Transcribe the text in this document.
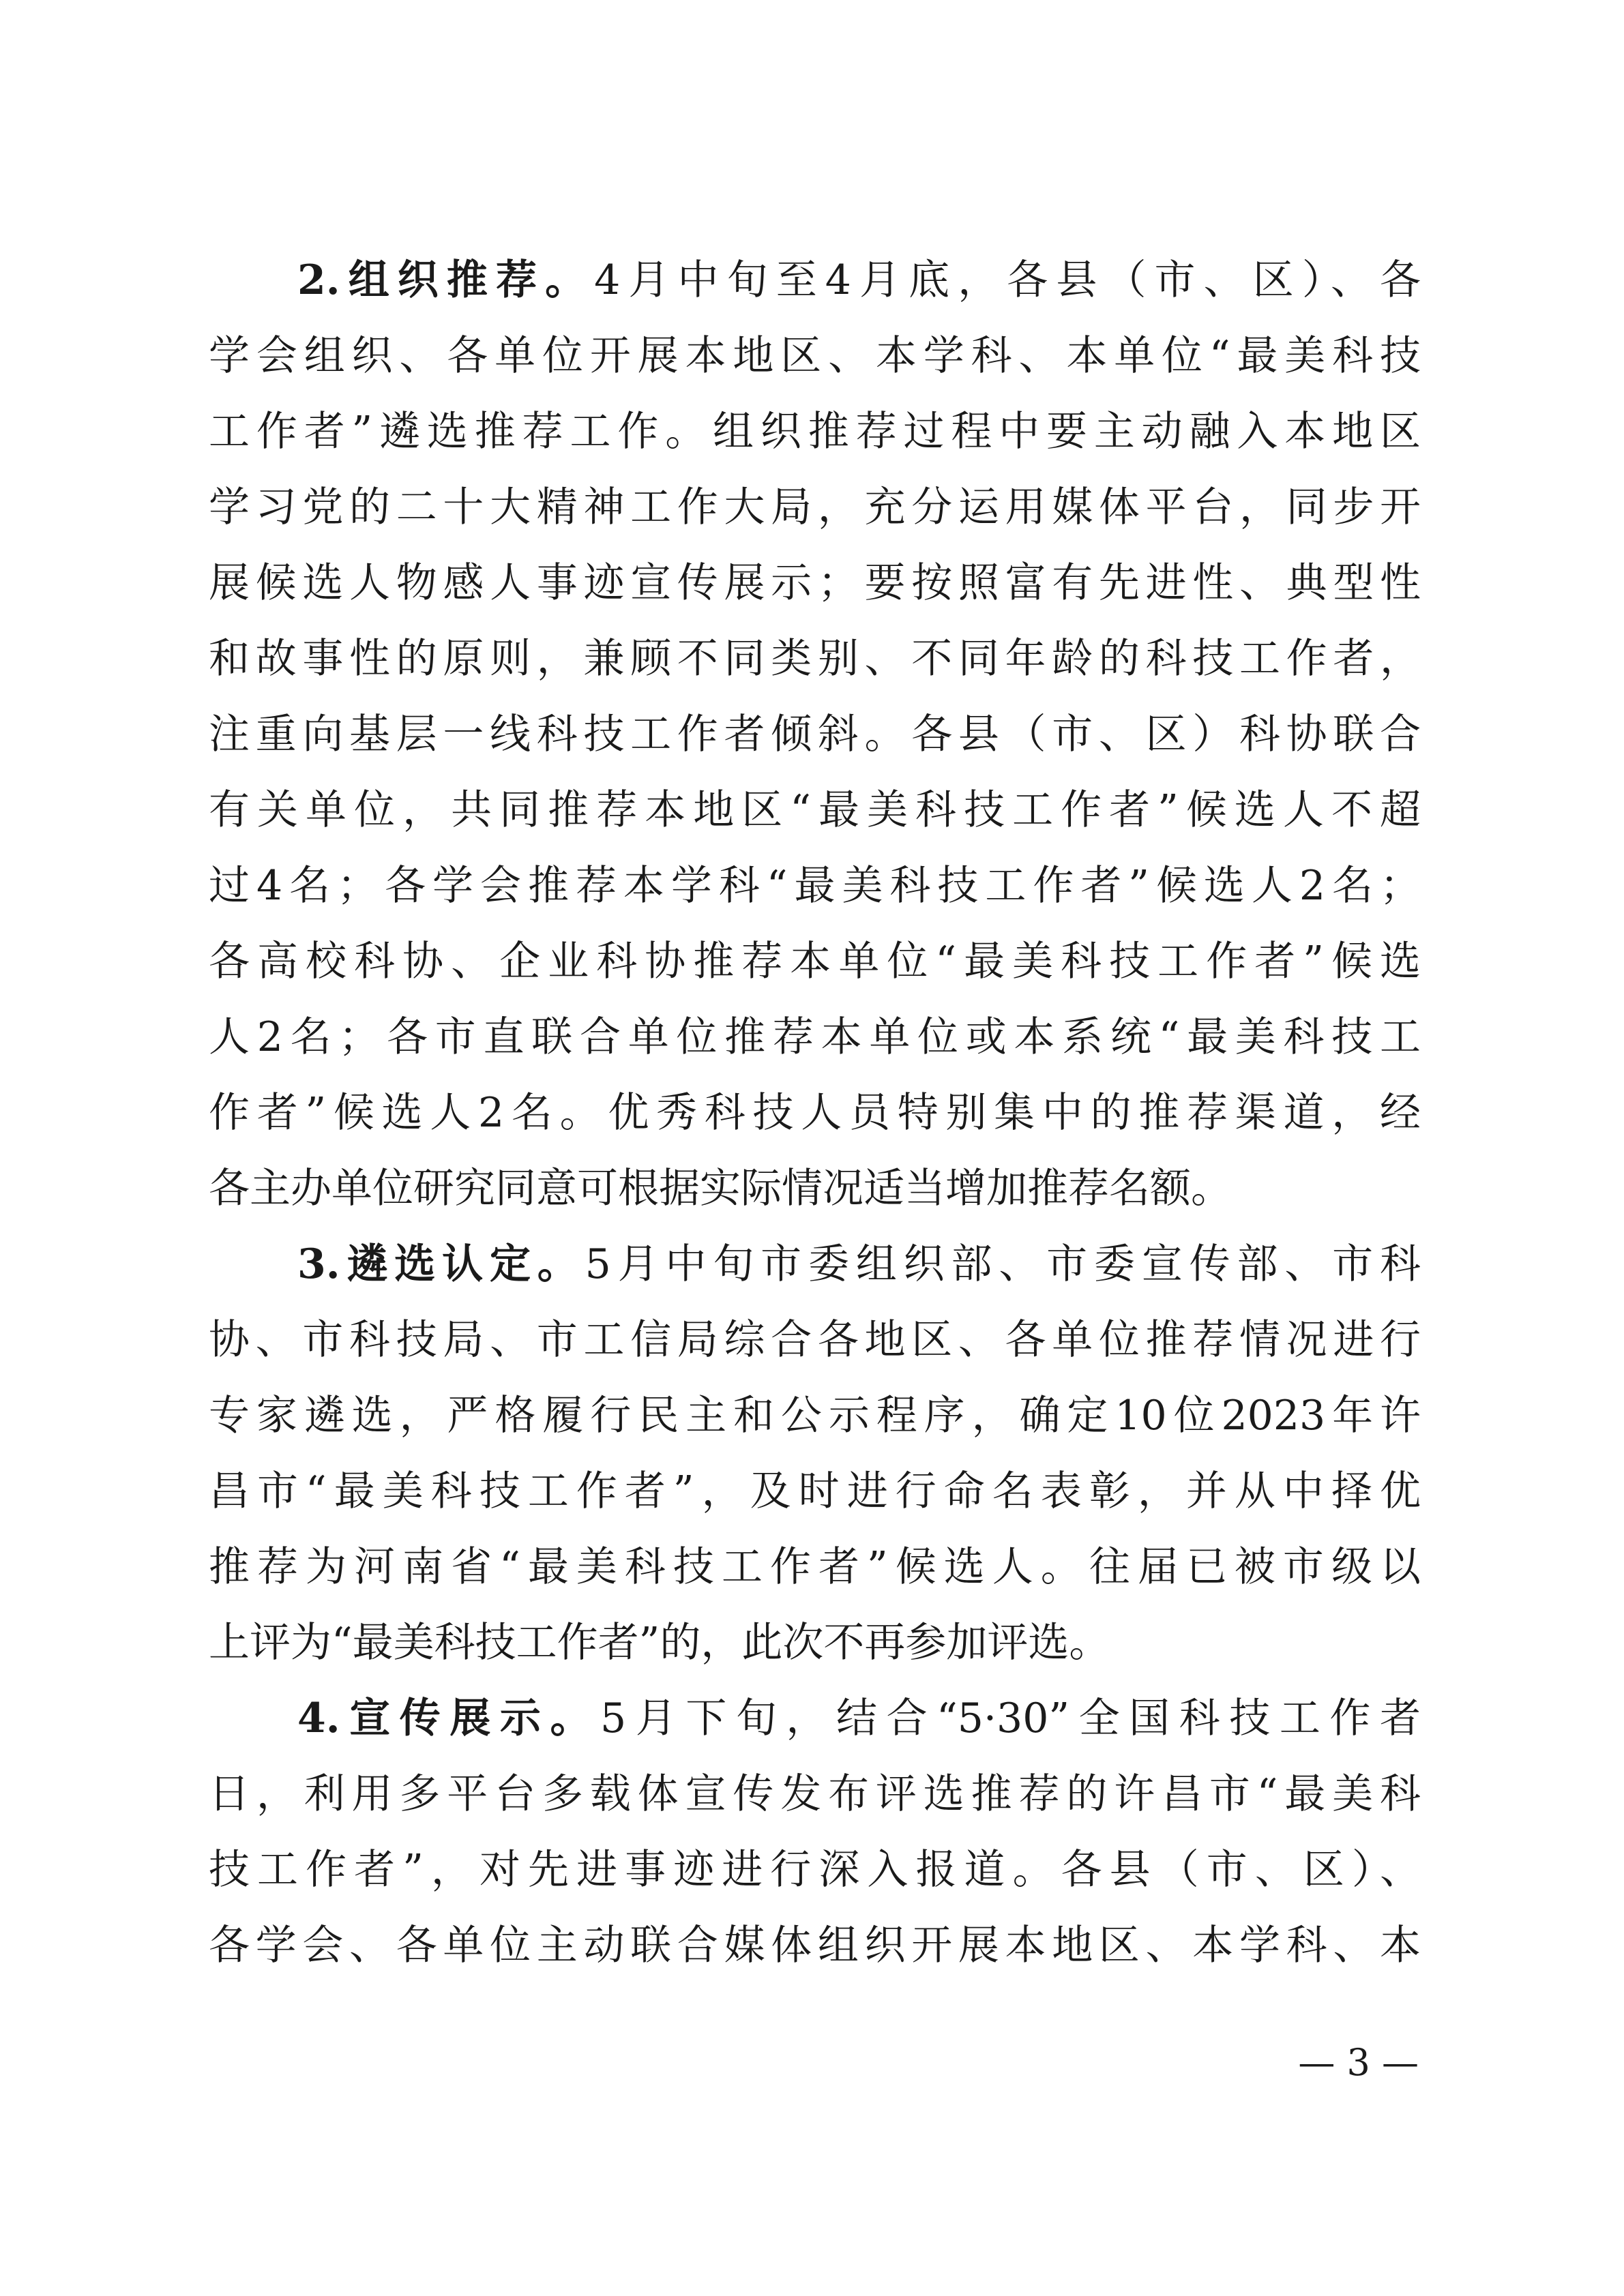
2.组织推荐。4月中旬至4月底，各县（市、区）、各
学会组织、各单位开展本地区、本学科、本单位“最美科技
工作者”遴选推荐工作。组织推荐过程中要主动融入本地区
学习党的二十大精神工作大局，充分运用媒体平台，同步开
展候选人物感人事迹宣传展示；要按照富有先进性、典型性
和故事性的原则，兼顾不同类别、不同年龄的科技工作者，
注重向基层一线科技工作者倾斜。各县（市、区）科协联合
有关单位，共同推荐本地区“最美科技工作者”候选人不超
过4名；各学会推荐本学科“最美科技工作者”候选人2名；
各高校科协、企业科协推荐本单位“最美科技工作者”候选
人2名；各市直联合单位推荐本单位或本系统“最美科技工
作者”候选人2名。优秀科技人员特别集中的推荐渠道，经
各主办单位研究同意可根据实际情况适当增加推荐名额。
3.遴选认定。5月中旬市委组织部、市委宣传部、市科
协、市科技局、市工信局综合各地区、各单位推荐情况进行
专家遴选，严格履行民主和公示程序，确定10位2023年许
昌市“最美科技工作者”，及时进行命名表彰，并从中择优
推荐为河南省“最美科技工作者”候选人。往届已被市级以
上评为“最美科技工作者”的，此次不再参加评选。
4.宣传展示。5月下旬，结合“5·30”全国科技工作者
日，利用多平台多载体宣传发布评选推荐的许昌市“最美科
技工作者”，对先进事迹进行深入报道。各县（市、区）、
各学会、各单位主动联合媒体组织开展本地区、本学科、本
— 3 —
